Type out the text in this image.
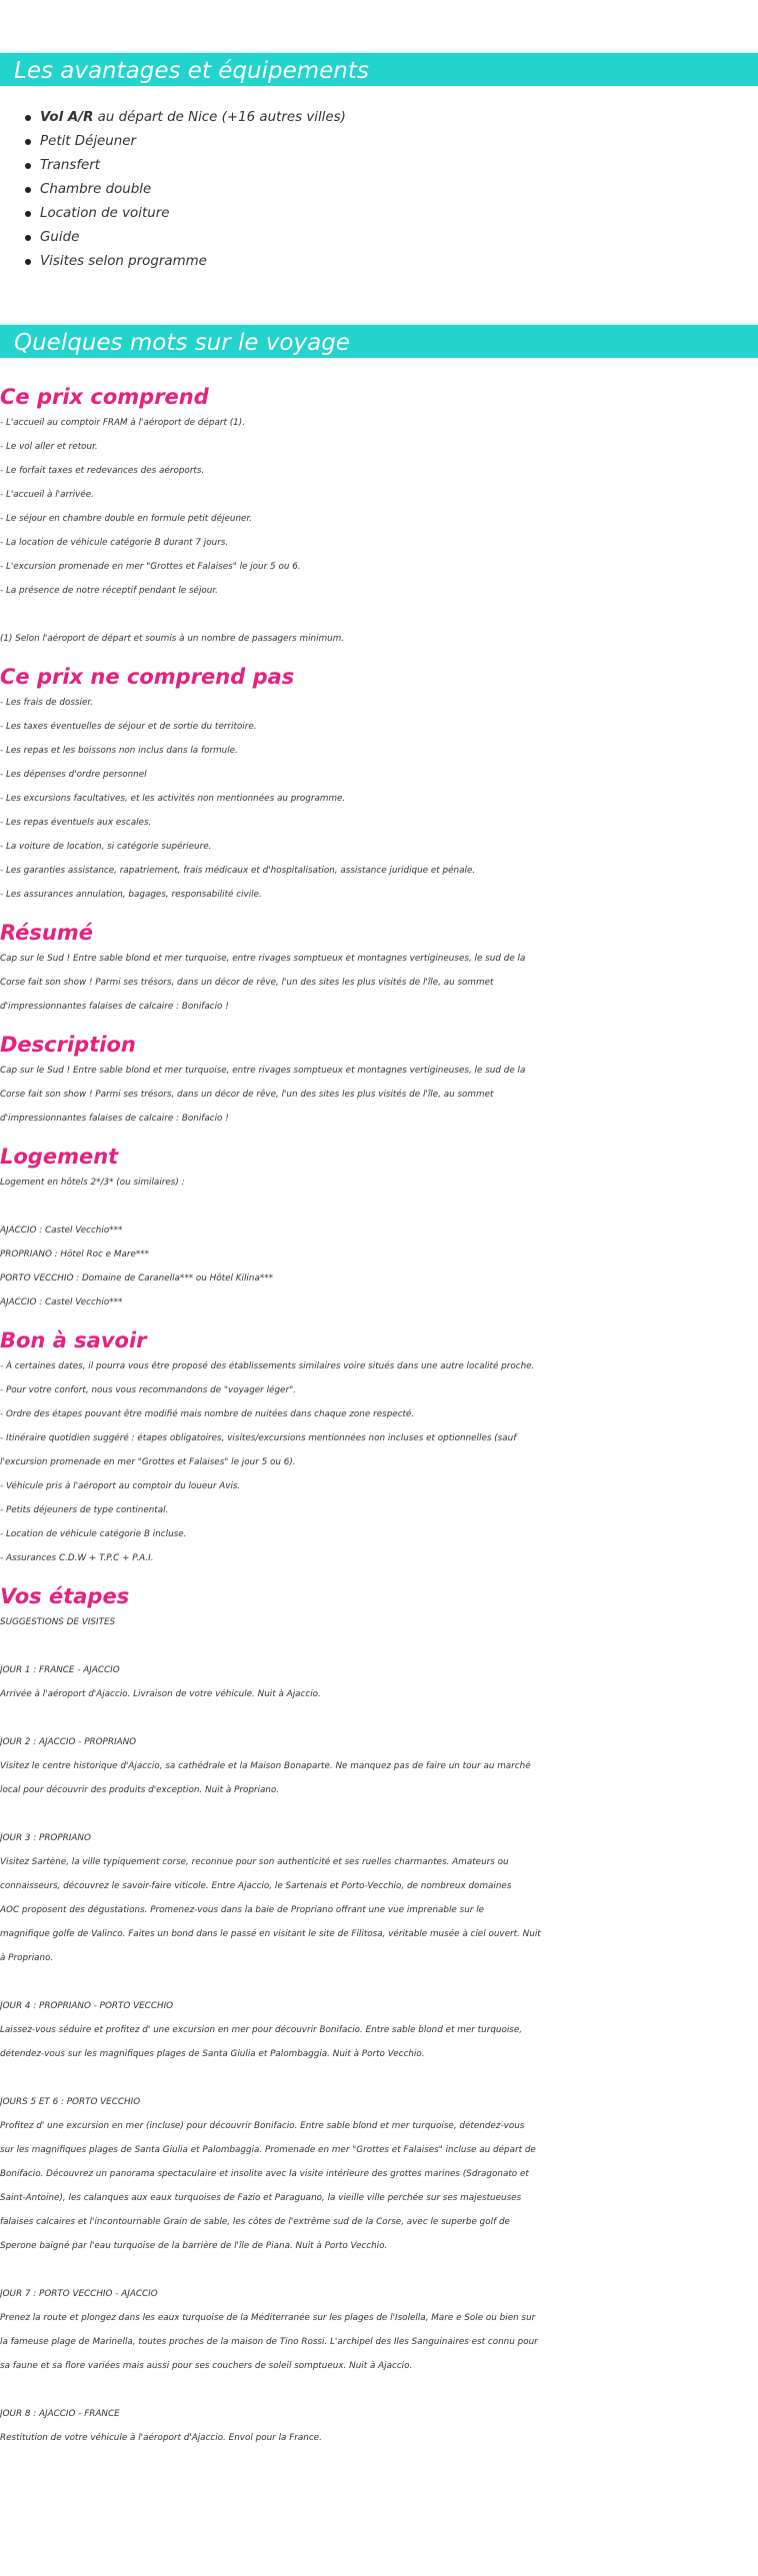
Les avantages et équipements
Vol A/R au départ de Nice (+16 autres villes)
Petit Déjeuner
Transfert
Chambre double
Location de voiture
Guide
Visites selon programme
Quelques mots sur le voyage
Ce prix comprend
- L'accueil au comptoir FRAM à l'aéroport de départ (1).
- Le vol aller et retour.
- Le forfait taxes et redevances des aéroports.
- L'accueil à l'arrivée.
- Le séjour en chambre double en formule petit déjeuner.
- La location de véhicule catégorie B durant 7 jours.
- L'excursion promenade en mer "Grottes et Falaises" le jour 5 ou 6.
- La présence de notre réceptif pendant le séjour.
(1) Selon l'aéroport de départ et soumis à un nombre de passagers minimum.
Ce prix ne comprend pas
- Les frais de dossier.
- Les taxes éventuelles de séjour et de sortie du territoire.
- Les repas et les boissons non inclus dans la formule.
- Les dépenses d'ordre personnel
- Les excursions facultatives, et les activités non mentionnées au programme.
- Les repas éventuels aux escales.
- La voiture de location, si catégorie supérieure.
- Les garanties assistance, rapatriement, frais médicaux et d'hospitalisation, assistance juridique et pénale.
- Les assurances annulation, bagages, responsabilité civile.
Résumé
Cap sur le Sud ! Entre sable blond et mer turquoise, entre rivages somptueux et montagnes vertigineuses, le sud de la
Corse fait son show ! Parmi ses trésors, dans un décor de rêve, l'un des sites les plus visités de l'île, au sommet
d'impressionnantes falaises de calcaire : Bonifacio !
Description
Cap sur le Sud ! Entre sable blond et mer turquoise, entre rivages somptueux et montagnes vertigineuses, le sud de la
Corse fait son show ! Parmi ses trésors, dans un décor de rêve, l'un des sites les plus visités de l'île, au sommet
d'impressionnantes falaises de calcaire : Bonifacio !
Logement
Logement en hôtels 2*/3* (ou similaires) :
AJACCIO : Castel Vecchio***
PROPRIANO : Hôtel Roc e Mare***
PORTO VECCHIO : Domaine de Caranella*** ou Hôtel Kilina***
AJACCIO : Castel Vecchio***
Bon à savoir
- À certaines dates, il pourra vous être proposé des établissements similaires voire situés dans une autre localité proche.
- Pour votre confort, nous vous recommandons de "voyager léger".
- Ordre des étapes pouvant être modifié mais nombre de nuitées dans chaque zone respecté.
- Itinéraire quotidien suggéré : étapes obligatoires, visites/excursions mentionnées non incluses et optionnelles (sauf
l'excursion promenade en mer "Grottes et Falaises" le jour 5 ou 6).
- Véhicule pris à l'aéroport au comptoir du loueur Avis.
- Petits déjeuners de type continental.
- Location de véhicule catégorie B incluse.
- Assurances C.D.W + T.P.C + P.A.I.
Vos étapes
SUGGESTIONS DE VISITES
JOUR 1 : FRANCE - AJACCIO
Arrivée à l'aéroport d'Ajaccio. Livraison de votre véhicule. Nuit à Ajaccio.
JOUR 2 : AJACCIO - PROPRIANO
Visitez le centre historique d'Ajaccio, sa cathédrale et la Maison Bonaparte. Ne manquez pas de faire un tour au marché
local pour découvrir des produits d'exception. Nuit à Propriano.
JOUR 3 : PROPRIANO
Visitez Sartène, la ville typiquement corse, reconnue pour son authenticité et ses ruelles charmantes. Amateurs ou
connaisseurs, découvrez le savoir-faire viticole. Entre Ajaccio, le Sartenais et Porto-Vecchio, de nombreux domaines
AOC proposent des dégustations. Promenez-vous dans la baie de Propriano offrant une vue imprenable sur le
magnifique golfe de Valinco. Faites un bond dans le passé en visitant le site de Filitosa, véritable musée à ciel ouvert. Nuit
à Propriano.
JOUR 4 : PROPRIANO - PORTO VECCHIO
Laissez-vous séduire et profitez d' une excursion en mer pour découvrir Bonifacio. Entre sable blond et mer turquoise,
détendez-vous sur les magnifiques plages de Santa Giulia et Palombaggia. Nuit à Porto Vecchio.
JOURS 5 ET 6 : PORTO VECCHIO
Profitez d' une excursion en mer (incluse) pour découvrir Bonifacio. Entre sable blond et mer turquoise, détendez-vous
sur les magnifiques plages de Santa Giulia et Palombaggia. Promenade en mer "Grottes et Falaises" incluse au départ de
Bonifacio. Découvrez un panorama spectaculaire et insolite avec la visite intérieure des grottes marines (Sdragonato et
Saint-Antoine), les calanques aux eaux turquoises de Fazio et Paraguano, la vieille ville perchée sur ses majestueuses
falaises calcaires et l'incontournable Grain de sable, les côtes de l'extrême sud de la Corse, avec le superbe golf de
Sperone baigné par l'eau turquoise de la barrière de l'île de Piana. Nuit à Porto Vecchio.
JOUR 7 : PORTO VECCHIO - AJACCIO
Prenez la route et plongez dans les eaux turquoise de la Méditerranée sur les plages de l'Isolella, Mare e Sole ou bien sur
la fameuse plage de Marinella, toutes proches de la maison de Tino Rossi. L'archipel des Iles Sanguinaires est connu pour
sa faune et sa flore variées mais aussi pour ses couchers de soleil somptueux. Nuit à Ajaccio.
JOUR 8 : AJACCIO - FRANCE
Restitution de votre véhicule à l'aéroport d'Ajaccio. Envol pour la France.
